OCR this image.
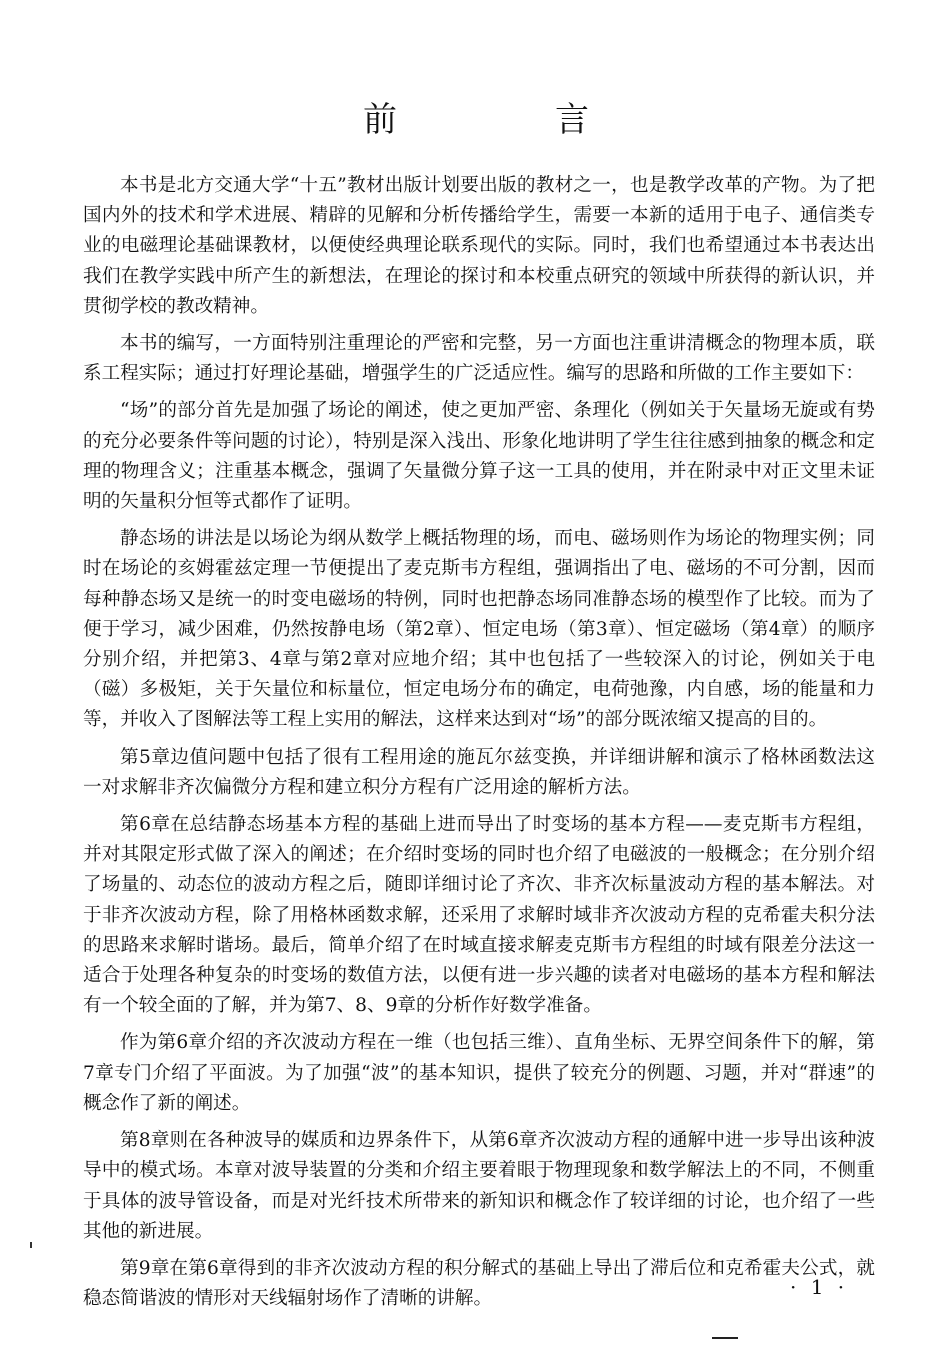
前　言

本书是北方交通大学“十五”教材出版计划要出版的教材之一，也是教学改革的产物。为了把国内外的技术和学术进展、精辟的见解和分析传播给学生，需要一本新的适用于电子、通信类专业的电磁理论基础课教材，以便使经典理论联系现代的实际。同时，我们也希望通过本书表达出我们在教学实践中所产生的新想法，在理论的探讨和本校重点研究的领域中所获得的新认识，并贯彻学校的教改精神。

本书的编写，一方面特别注重理论的严密和完整，另一方面也注重讲清概念的物理本质，联系工程实际；通过打好理论基础，增强学生的广泛适应性。编写的思路和所做的工作主要如下：

“场”的部分首先是加强了场论的阐述，使之更加严密、条理化（例如关于矢量场无旋或有势的充分必要条件等问题的讨论），特别是深入浅出、形象化地讲明了学生往往感到抽象的概念和定理的物理含义；注重基本概念，强调了矢量微分算子这一工具的使用，并在附录中对正文里未证明的矢量积分恒等式都作了证明。

静态场的讲法是以场论为纲从数学上概括物理的场，而电、磁场则作为场论的物理实例；同时在场论的亥姆霍兹定理一节便提出了麦克斯韦方程组，强调指出了电、磁场的不可分割，因而每种静态场又是统一的时变电磁场的特例，同时也把静态场同准静态场的模型作了比较。而为了便于学习，减少困难，仍然按静电场（第2章）、恒定电场（第3章）、恒定磁场（第4章）的顺序分别介绍，并把第3、4章与第2章对应地介绍；其中也包括了一些较深入的讨论，例如关于电（磁）多极矩，关于矢量位和标量位，恒定电场分布的确定，电荷弛豫，内自感，场的能量和力等，并收入了图解法等工程上实用的解法，这样来达到对“场”的部分既浓缩又提高的目的。

第5章边值问题中包括了很有工程用途的施瓦尔兹变换，并详细讲解和演示了格林函数法这一对求解非齐次偏微分方程和建立积分方程有广泛用途的解析方法。

第6章在总结静态场基本方程的基础上进而导出了时变场的基本方程——麦克斯韦方程组，并对其限定形式做了深入的阐述；在介绍时变场的同时也介绍了电磁波的一般概念；在分别介绍了场量的、动态位的波动方程之后，随即详细讨论了齐次、非齐次标量波动方程的基本解法。对于非齐次波动方程，除了用格林函数求解，还采用了求解时域非齐次波动方程的克希霍夫积分法的思路来求解时谐场。最后，简单介绍了在时域直接求解麦克斯韦方程组的时域有限差分法这一适合于处理各种复杂的时变场的数值方法，以便有进一步兴趣的读者对电磁场的基本方程和解法有一个较全面的了解，并为第7、8、9章的分析作好数学准备。

作为第6章介绍的齐次波动方程在一维（也包括三维）、直角坐标、无界空间条件下的解，第7章专门介绍了平面波。为了加强“波”的基本知识，提供了较充分的例题、习题，并对“群速”的概念作了新的阐述。

第8章则在各种波导的媒质和边界条件下，从第6章齐次波动方程的通解中进一步导出该种波导中的模式场。本章对波导装置的分类和介绍主要着眼于物理现象和数学解法上的不同，不侧重于具体的波导管设备，而是对光纤技术所带来的新知识和概念作了较详细的讨论，也介绍了一些其他的新进展。

第9章在第6章得到的非齐次波动方程的积分解式的基础上导出了滞后位和克希霍夫公式，就稳态简谐波的情形对天线辐射场作了清晰的讲解。	· 1 ·
